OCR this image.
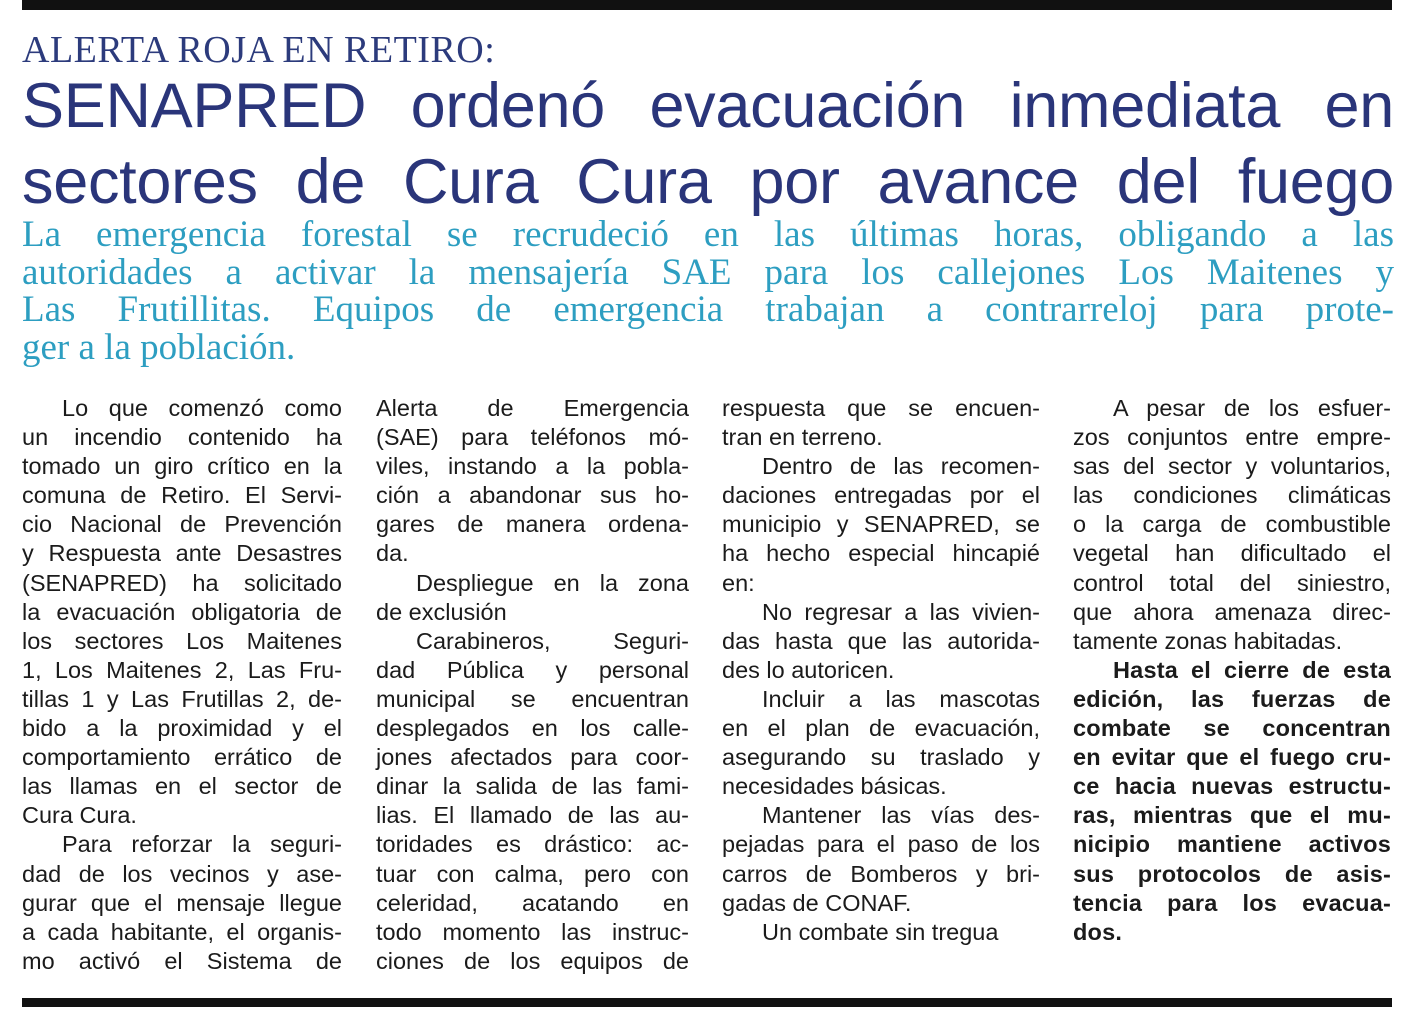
ALERTA ROJA EN RETIRO:
SENAPRED ordenó evacuación inmediata en
sectores de Cura Cura por avance del fuego
La emergencia forestal se recrudeció en las últimas horas, obligando a las
autoridades a activar la mensajería SAE para los callejones Los Maitenes y
Las Frutillitas. Equipos de emergencia trabajan a contrarreloj para prote-
ger a la población.
Lo que comenzó como
un incendio contenido ha
tomado un giro crítico en la
comuna de Retiro. El Servi-
cio Nacional de Prevención
y Respuesta ante Desastres
(SENAPRED) ha solicitado
la evacuación obligatoria de
los sectores Los Maitenes
1, Los Maitenes 2, Las Fru-
tillas 1 y Las Frutillas 2, de-
bido a la proximidad y el
comportamiento errático de
las llamas en el sector de
Cura Cura.
Para reforzar la seguri-
dad de los vecinos y ase-
gurar que el mensaje llegue
a cada habitante, el organis-
mo activó el Sistema de
Alerta de Emergencia
(SAE) para teléfonos mó-
viles, instando a la pobla-
ción a abandonar sus ho-
gares de manera ordena-
da.
Despliegue en la zona
de exclusión
Carabineros, Seguri-
dad Pública y personal
municipal se encuentran
desplegados en los calle-
jones afectados para coor-
dinar la salida de las fami-
lias. El llamado de las au-
toridades es drástico: ac-
tuar con calma, pero con
celeridad, acatando en
todo momento las instruc-
ciones de los equipos de
respuesta que se encuen-
tran en terreno.
Dentro de las recomen-
daciones entregadas por el
municipio y SENAPRED, se
ha hecho especial hincapié
en:
No regresar a las vivien-
das hasta que las autorida-
des lo autoricen.
Incluir a las mascotas
en el plan de evacuación,
asegurando su traslado y
necesidades básicas.
Mantener las vías des-
pejadas para el paso de los
carros de Bomberos y bri-
gadas de CONAF.
Un combate sin tregua
A pesar de los esfuer-
zos conjuntos entre empre-
sas del sector y voluntarios,
las condiciones climáticas
o la carga de combustible
vegetal han dificultado el
control total del siniestro,
que ahora amenaza direc-
tamente zonas habitadas.
Hasta el cierre de esta
edición, las fuerzas de
combate se concentran
en evitar que el fuego cru-
ce hacia nuevas estructu-
ras, mientras que el mu-
nicipio mantiene activos
sus protocolos de asis-
tencia para los evacua-
dos.
